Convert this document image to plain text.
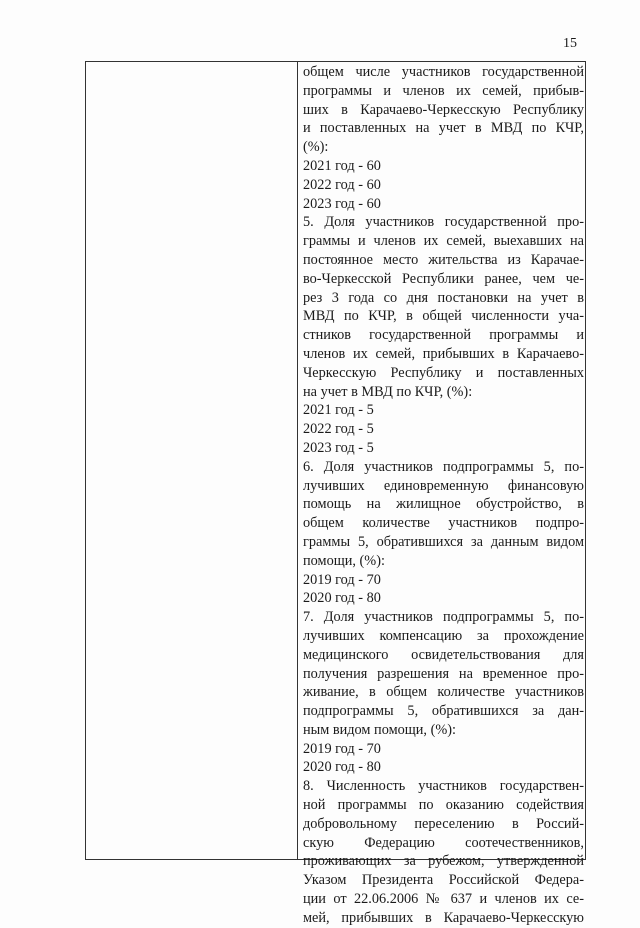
15
общем числе участников государственной
программы и членов их семей, прибыв-
ших в Карачаево-Черкесскую Республику
и поставленных на учет в МВД по КЧР,
(%):
2021 год - 60
2022 год - 60
2023 год - 60
5. Доля участников государственной про-
граммы и членов их семей, выехавших на
постоянное место жительства из Карачае-
во-Черкесской Республики ранее, чем че-
рез 3 года со дня постановки на учет в
МВД по КЧР, в общей численности уча-
стников государственной программы и
членов их семей, прибывших в Карачаево-
Черкесскую Республику и поставленных
на учет в МВД по КЧР, (%):
2021 год - 5
2022 год - 5
2023 год - 5
6. Доля участников подпрограммы 5, по-
лучивших единовременную финансовую
помощь на жилищное обустройство, в
общем количестве участников подпро-
граммы 5, обратившихся за данным видом
помощи, (%):
2019 год - 70
2020 год - 80
7. Доля участников подпрограммы 5, по-
лучивших компенсацию за прохождение
медицинского освидетельствования для
получения разрешения на временное про-
живание, в общем количестве участников
подпрограммы 5, обратившихся за дан-
ным видом помощи, (%):
2019 год - 70
2020 год - 80
8. Численность участников государствен-
ной программы по оказанию содействия
добровольному переселению в Россий-
скую Федерацию соотечественников,
проживающих за рубежом, утвержденной
Указом Президента Российской Федера-
ции от 22.06.2006 № 637 и членов их се-
мей, прибывших в Карачаево-Черкесскую
